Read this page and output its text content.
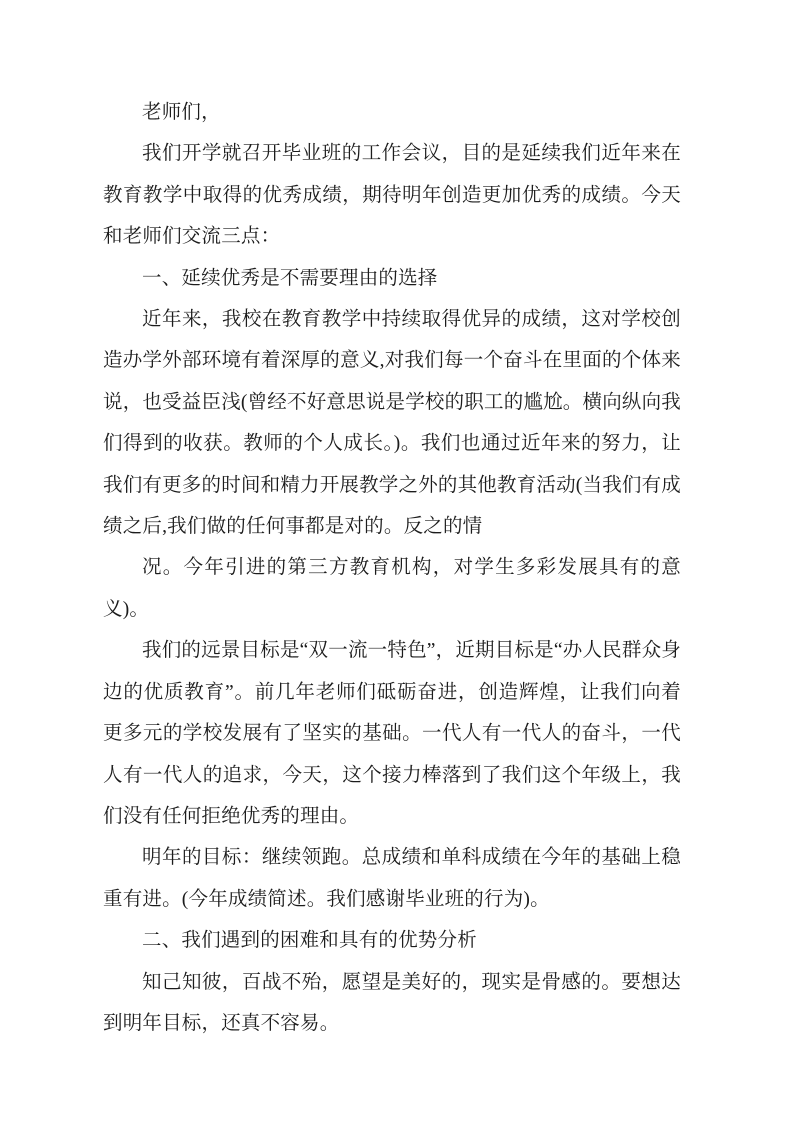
老师们，

我们开学就召开毕业班的工作会议，目的是延续我们近年来在教育教学中取得的优秀成绩，期待明年创造更加优秀的成绩。今天和老师们交流三点：

一、延续优秀是不需要理由的选择

近年来，我校在教育教学中持续取得优异的成绩，这对学校创造办学外部环境有着深厚的意义,对我们每一个奋斗在里面的个体来说，也受益臣浅(曾经不好意思说是学校的职工的尴尬。横向纵向我们得到的收获。教师的个人成长。)。我们也通过近年来的努力，让我们有更多的时间和精力开展教学之外的其他教育活动(当我们有成绩之后,我们做的任何事都是对的。反之的情

况。今年引进的第三方教育机构，对学生多彩发展具有的意义)。

我们的远景目标是“双一流一特色”，近期目标是“办人民群众身边的优质教育”。前几年老师们砥砺奋进，创造辉煌，让我们向着更多元的学校发展有了坚实的基础。一代人有一代人的奋斗，一代人有一代人的追求，今天，这个接力棒落到了我们这个年级上，我们没有任何拒绝优秀的理由。

明年的目标：继续领跑。总成绩和单科成绩在今年的基础上稳重有进。(今年成绩简述。我们感谢毕业班的行为)。

二、我们遇到的困难和具有的优势分析

知己知彼，百战不殆，愿望是美好的，现实是骨感的。要想达到明年目标，还真不容易。
